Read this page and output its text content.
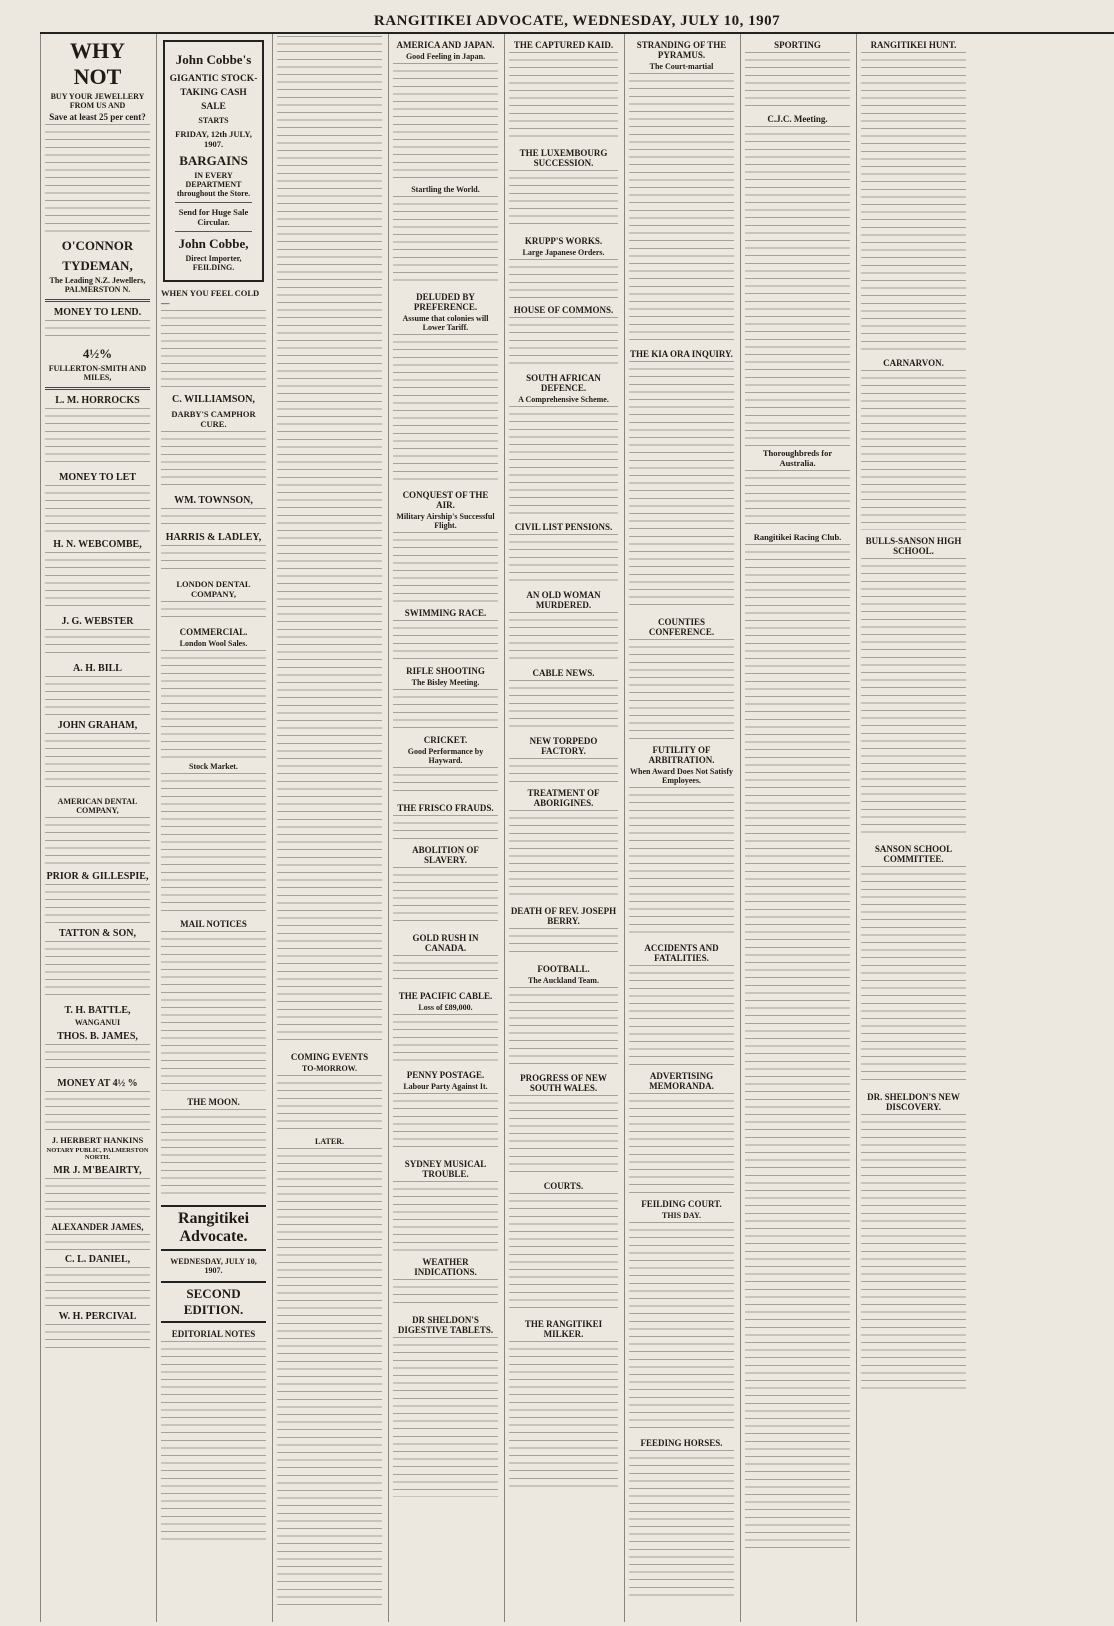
RANGITIKEI ADVOCATE, WEDNESDAY, JULY 10, 1907
WHY NOT
BUY YOUR JEWELLERY FROM US AND
Save at least 25 per cent?
O'CONNOR
TYDEMAN,
The Leading N.Z. Jewellers, PALMERSTON N.
MONEY TO LEND.
4½%
FULLERTON-SMITH AND MILES,
L. M. HORROCKS
MONEY TO LET
H. N. WEBCOMBE,
J. G. WEBSTER
A. H. BILL
JOHN GRAHAM,
AMERICAN DENTAL COMPANY,
PRIOR & GILLESPIE,
TATTON & SON,
T. H. BATTLE,
WANGANUI
THOS. B. JAMES,
MONEY AT 4½ %
J. HERBERT HANKINS
NOTARY PUBLIC, PALMERSTON NORTH.
MR J. M'BEAIRTY,
ALEXANDER JAMES,
C. L. DANIEL,
W. H. PERCIVAL
John Cobbe's
GIGANTIC STOCK-TAKING CASH SALE
STARTS
FRIDAY, 12th JULY, 1907.
BARGAINS
IN EVERY DEPARTMENT throughout the Store.
Send for Huge Sale Circular.
John Cobbe,
Direct Importer, FEILDING.
WHEN YOU FEEL COLD—
C. WILLIAMSON,
DARBY'S CAMPHOR CURE.
WM. TOWNSON,
HARRIS & LADLEY,
LONDON DENTAL COMPANY,
COMMERCIAL.
London Wool Sales.
Stock Market.
MAIL NOTICES
THE MOON.
Rangitikei Advocate.
WEDNESDAY, JULY 10, 1907.
SECOND EDITION.
EDITORIAL NOTES
COMING EVENTS
TO-MORROW.
LATER.
AMERICA AND JAPAN.
Good Feeling in Japan.
Startling the World.
DELUDED BY PREFERENCE.
Assume that colonies will Lower Tariff.
CONQUEST OF THE AIR.
Military Airship's Successful Flight.
SWIMMING RACE.
RIFLE SHOOTING
The Bisley Meeting.
CRICKET.
Good Performance by Hayward.
THE FRISCO FRAUDS.
ABOLITION OF SLAVERY.
GOLD RUSH IN CANADA.
THE PACIFIC CABLE.
Loss of £89,000.
PENNY POSTAGE.
Labour Party Against It.
SYDNEY MUSICAL TROUBLE.
WEATHER INDICATIONS.
DR SHELDON'S DIGESTIVE TABLETS.
THE CAPTURED KAID.
THE LUXEMBOURG SUCCESSION.
KRUPP'S WORKS.
Large Japanese Orders.
HOUSE OF COMMONS.
SOUTH AFRICAN DEFENCE.
A Comprehensive Scheme.
CIVIL LIST PENSIONS.
AN OLD WOMAN MURDERED.
CABLE NEWS.
NEW TORPEDO FACTORY.
TREATMENT OF ABORIGINES.
DEATH OF REV. JOSEPH BERRY.
FOOTBALL.
The Auckland Team.
PROGRESS OF NEW SOUTH WALES.
COURTS.
THE RANGITIKEI MILKER.
STRANDING OF THE PYRAMUS.
The Court-martial
THE KIA ORA INQUIRY.
COUNTIES CONFERENCE.
FUTILITY OF ARBITRATION.
When Award Does Not Satisfy Employees.
ACCIDENTS AND FATALITIES.
ADVERTISING MEMORANDA.
FEILDING COURT.
THIS DAY.
FEEDING HORSES.
SPORTING
C.J.C. Meeting.
Thoroughbreds for Australia.
Rangitikei Racing Club.
RANGITIKEI HUNT.
CARNARVON.
BULLS-SANSON HIGH SCHOOL.
SANSON SCHOOL COMMITTEE.
DR. SHELDON'S NEW DISCOVERY.
